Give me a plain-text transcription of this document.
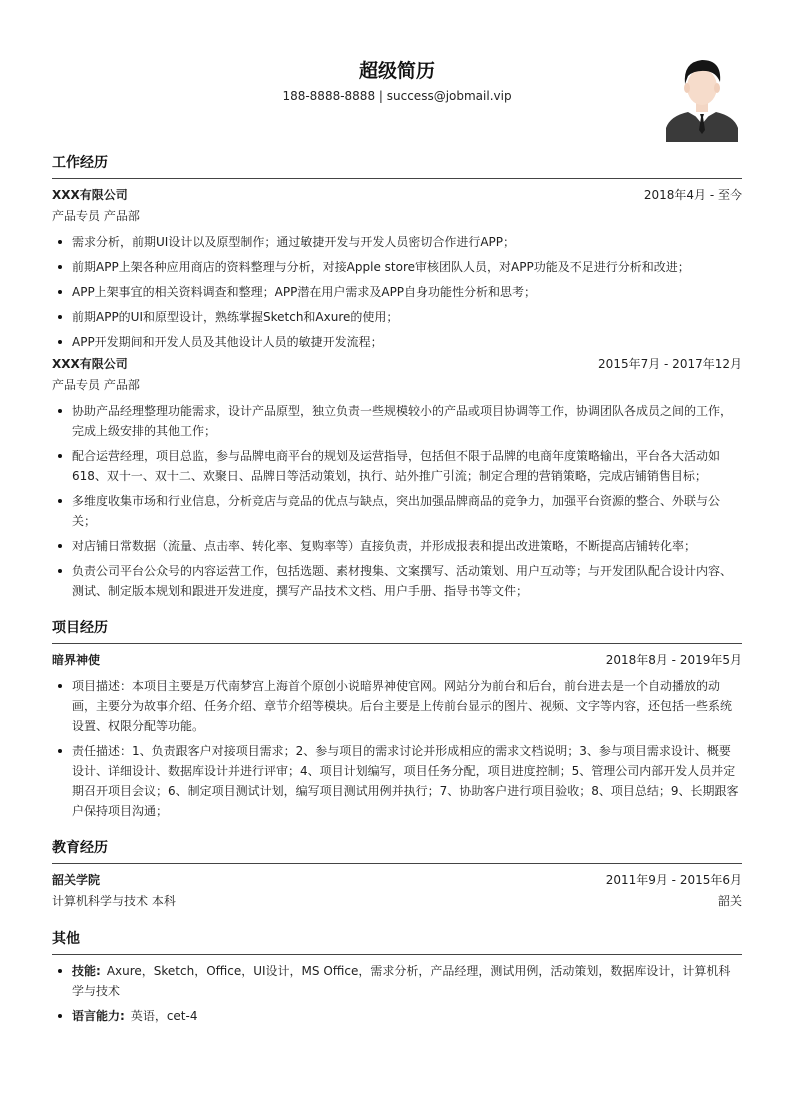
超级简历
188-8888-8888 | success@jobmail.vip
工作经历
XXX有限公司	2018年4月 - 至今
产品专员 产品部
需求分析，前期UI设计以及原型制作；通过敏捷开发与开发人员密切合作进行APP；
前期APP上架各种应用商店的资料整理与分析，对接Apple store审核团队人员，对APP功能及不足进行分析和改进；
APP上架事宜的相关资料调查和整理；APP潜在用户需求及APP自身功能性分析和思考；
前期APP的UI和原型设计，熟练掌握Sketch和Axure的使用；
APP开发期间和开发人员及其他设计人员的敏捷开发流程；
XXX有限公司	2015年7月 - 2017年12月
产品专员 产品部
协助产品经理整理功能需求，设计产品原型，独立负责一些规模较小的产品或项目协调等工作，协调团队各成员之间的工作，完成上级安排的其他工作；
配合运营经理，项目总监，参与品牌电商平台的规划及运营指导，包括但不限于品牌的电商年度策略输出，平台各大活动如618、双十一、双十二、欢聚日、品牌日等活动策划，执行、站外推广引流；制定合理的营销策略，完成店铺销售目标；
多维度收集市场和行业信息，分析竞店与竞品的优点与缺点，突出加强品牌商品的竞争力，加强平台资源的整合、外联与公关；
对店铺日常数据（流量、点击率、转化率、复购率等）直接负责，并形成报表和提出改进策略，不断提高店铺转化率；
负责公司平台公众号的内容运营工作，包括选题、素材搜集、文案撰写、活动策划、用户互动等；与开发团队配合设计内容、测试、制定版本规划和跟进开发进度，撰写产品技术文档、用户手册、指导书等文件；
项目经历
暗界神使	2018年8月 - 2019年5月
项目描述：本项目主要是万代南梦宫上海首个原创小说暗界神使官网。网站分为前台和后台，前台进去是一个自动播放的动画，主要分为故事介绍、任务介绍、章节介绍等模块。后台主要是上传前台显示的图片、视频、文字等内容，还包括一些系统设置、权限分配等功能。
责任描述：1、负责跟客户对接项目需求；2、参与项目的需求讨论并形成相应的需求文档说明；3、参与项目需求设计、概要设计、详细设计、数据库设计并进行评审；4、项目计划编写，项目任务分配，项目进度控制；5、管理公司内部开发人员并定期召开项目会议；6、制定项目测试计划，编写项目测试用例并执行；7、协助客户进行项目验收；8、项目总结；9、长期跟客户保持项目沟通；
教育经历
韶关学院	2011年9月 - 2015年6月
计算机科学与技术 本科	韶关
其他
技能: Axure，Sketch，Office，UI设计，MS Office，需求分析，产品经理，测试用例，活动策划，数据库设计，计算机科学与技术
语言能力: 英语，cet-4
